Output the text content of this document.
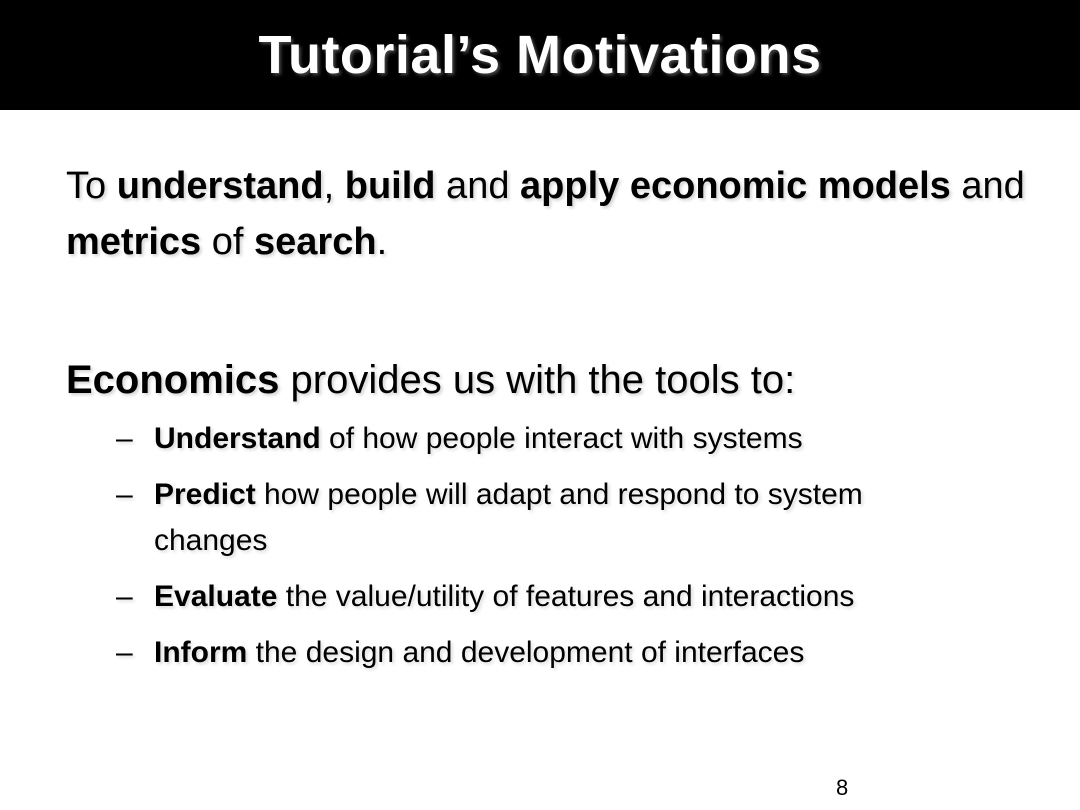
Tutorial’s Motivations
To understand, build and apply economic models and metrics of search.
Economics provides us with the tools to:
– Understand of how people interact with systems
– Predict how people will adapt and respond to system changes
– Evaluate the value/utility of features and interactions
– Inform the design and development of interfaces
8
